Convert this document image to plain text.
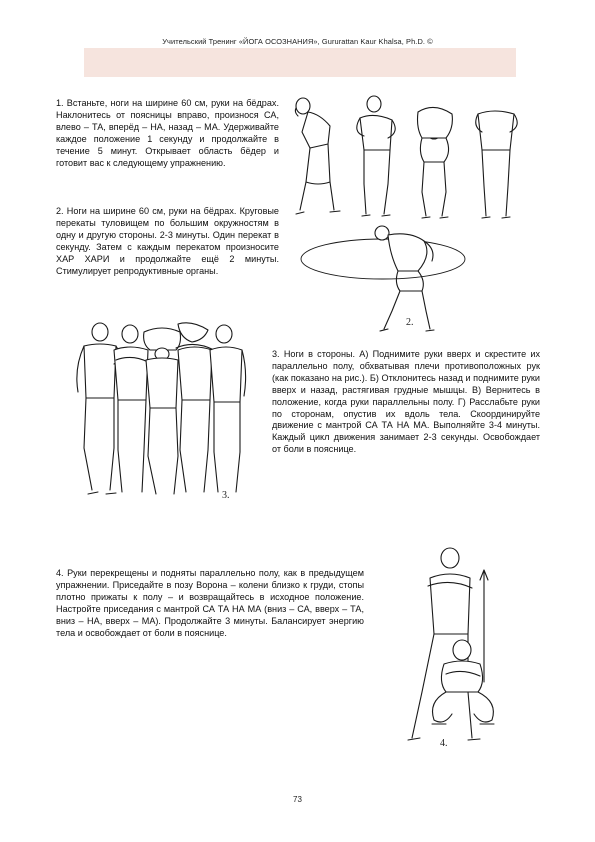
Учительский Тренинг «ЙОГА ОСОЗНАНИЯ», Gururattan Kaur Khalsa, Ph.D. ©

1. Встаньте, ноги на ширине 60 см, руки на бёдрах. Наклонитесь от поясницы вправо, произнося СА, влево – ТА, вперёд – НА, назад – МА. Удерживайте каждое положение 1 секунду и продолжайте в течение 5 минут. Открывает область бёдер и готовит вас к следующему упражнению.

2. Ноги на ширине 60 см, руки на бёдрах. Круговые перекаты туловищем по большим окружностям в одну и другую стороны. 2-3 минуты. Один перекат в секунду. Затем с каждым перекатом произносите ХАР ХАРИ и продолжайте ещё 2 минуты. Стимулирует репродуктивные органы.

3. Ноги в стороны. А) Поднимите руки вверх и скрестите их параллельно полу, обхватывая плечи противоположных рук (как показано на рис.). Б) Отклонитесь назад и поднимите руки вверх и назад, растягивая грудные мышцы. В) Вернитесь в положение, когда руки параллельны полу. Г) Расслабьте руки по сторонам, опустив их вдоль тела. Скоординируйте движение с мантрой СА ТА НА МА. Выполняйте 3-4 минуты. Каждый цикл движения занимает 2-3 секунды. Освобождает от боли в пояснице.

4. Руки перекрещены и подняты параллельно полу, как в предыдущем упражнении. Приседайте в позу Ворона – колени близко к груди, стопы плотно прижаты к полу – и возвращайтесь в исходное положение. Настройте приседания с мантрой СА ТА НА МА (вниз – СА, вверх – ТА, вниз – НА, вверх – МА). Продолжайте 3 минуты. Балансирует энергию тела и освобождает от боли в пояснице.

2.
3.
4.
73
